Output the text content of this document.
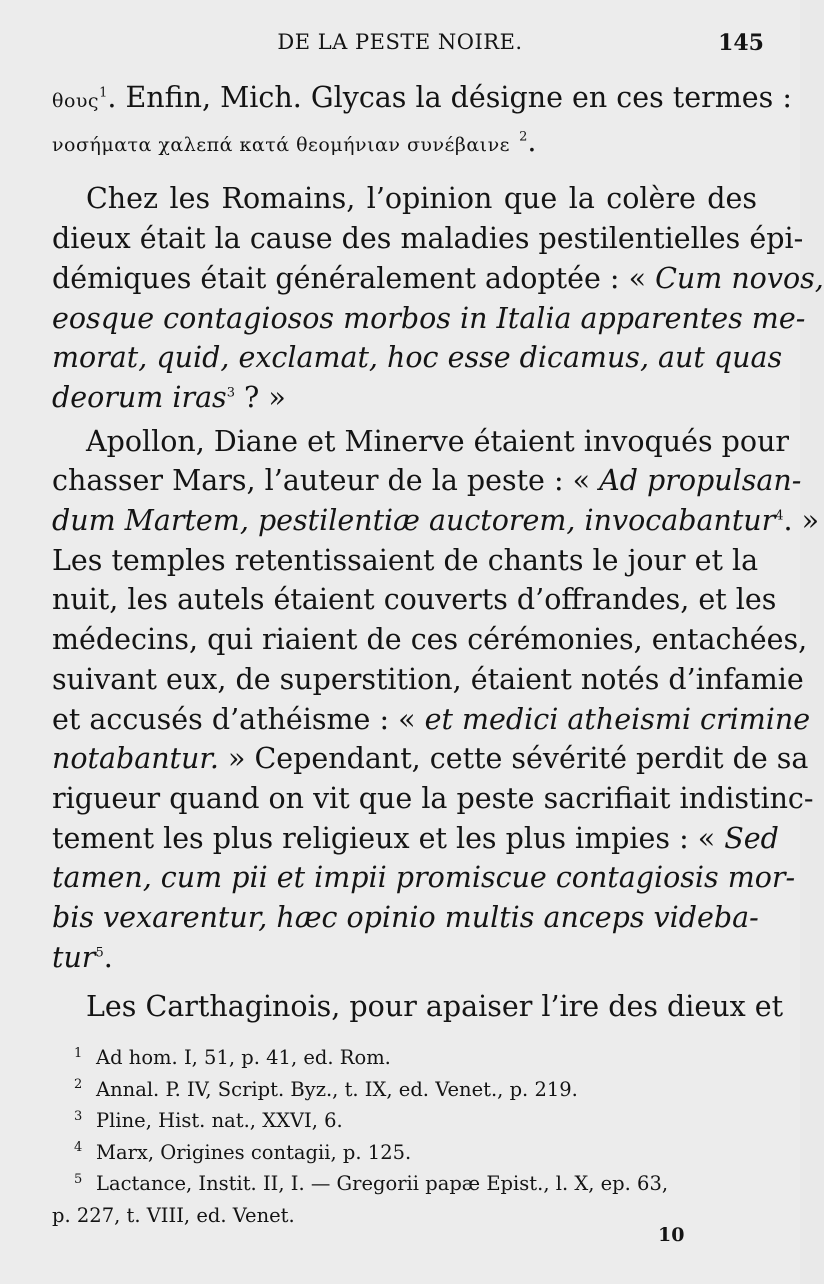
DE LA PESTE NOIRE.	145
θους$^1$. Enfin, Mich. Glycas la désigne en ces termes :
νοσήματα χαλεπά κατά θεομήνιαν συνέβαινε $^2$.
Chez les Romains, l’opinion que la colère des
dieux était la cause des maladies pestilentielles épi-
démiques était généralement adoptée : « Cum novos,
eosque contagiosos morbos in Italia apparentes me-
morat, quid, exclamat, hoc esse dicamus, aut quas
deorum iras$^3$ ? »
Apollon, Diane et Minerve étaient invoqués pour
chasser Mars, l’auteur de la peste : « Ad propulsan-
dum Martem, pestilentiæ auctorem, invocabantur$^4$. »
Les temples retentissaient de chants le jour et la
nuit, les autels étaient couverts d’offrandes, et les
médecins, qui riaient de ces cérémonies, entachées,
suivant eux, de superstition, étaient notés d’infamie
et accusés d’athéisme : « et medici atheismi crimine
notabantur. » Cependant, cette sévérité perdit de sa
rigueur quand on vit que la peste sacrifiait indistinc-
tement les plus religieux et les plus impies : « Sed
tamen, cum pii et impii promiscue contagiosis mor-
bis vexarentur, hæc opinio multis anceps videba-
tur$^5$.
Les Carthaginois, pour apaiser l’ire des dieux et
1 Ad hom. I, 51, p. 41, ed. Rom.
2 Annal. P. IV, Script. Byz., t. IX, ed. Venet., p. 219.
3 Pline, Hist. nat., XXVI, 6.
4 Marx, Origines contagii, p. 125.
5 Lactance, Instit. II, I. — Gregorii papæ Epist., l. X, ep. 63,
p. 227, t. VIII, ed. Venet.
10
